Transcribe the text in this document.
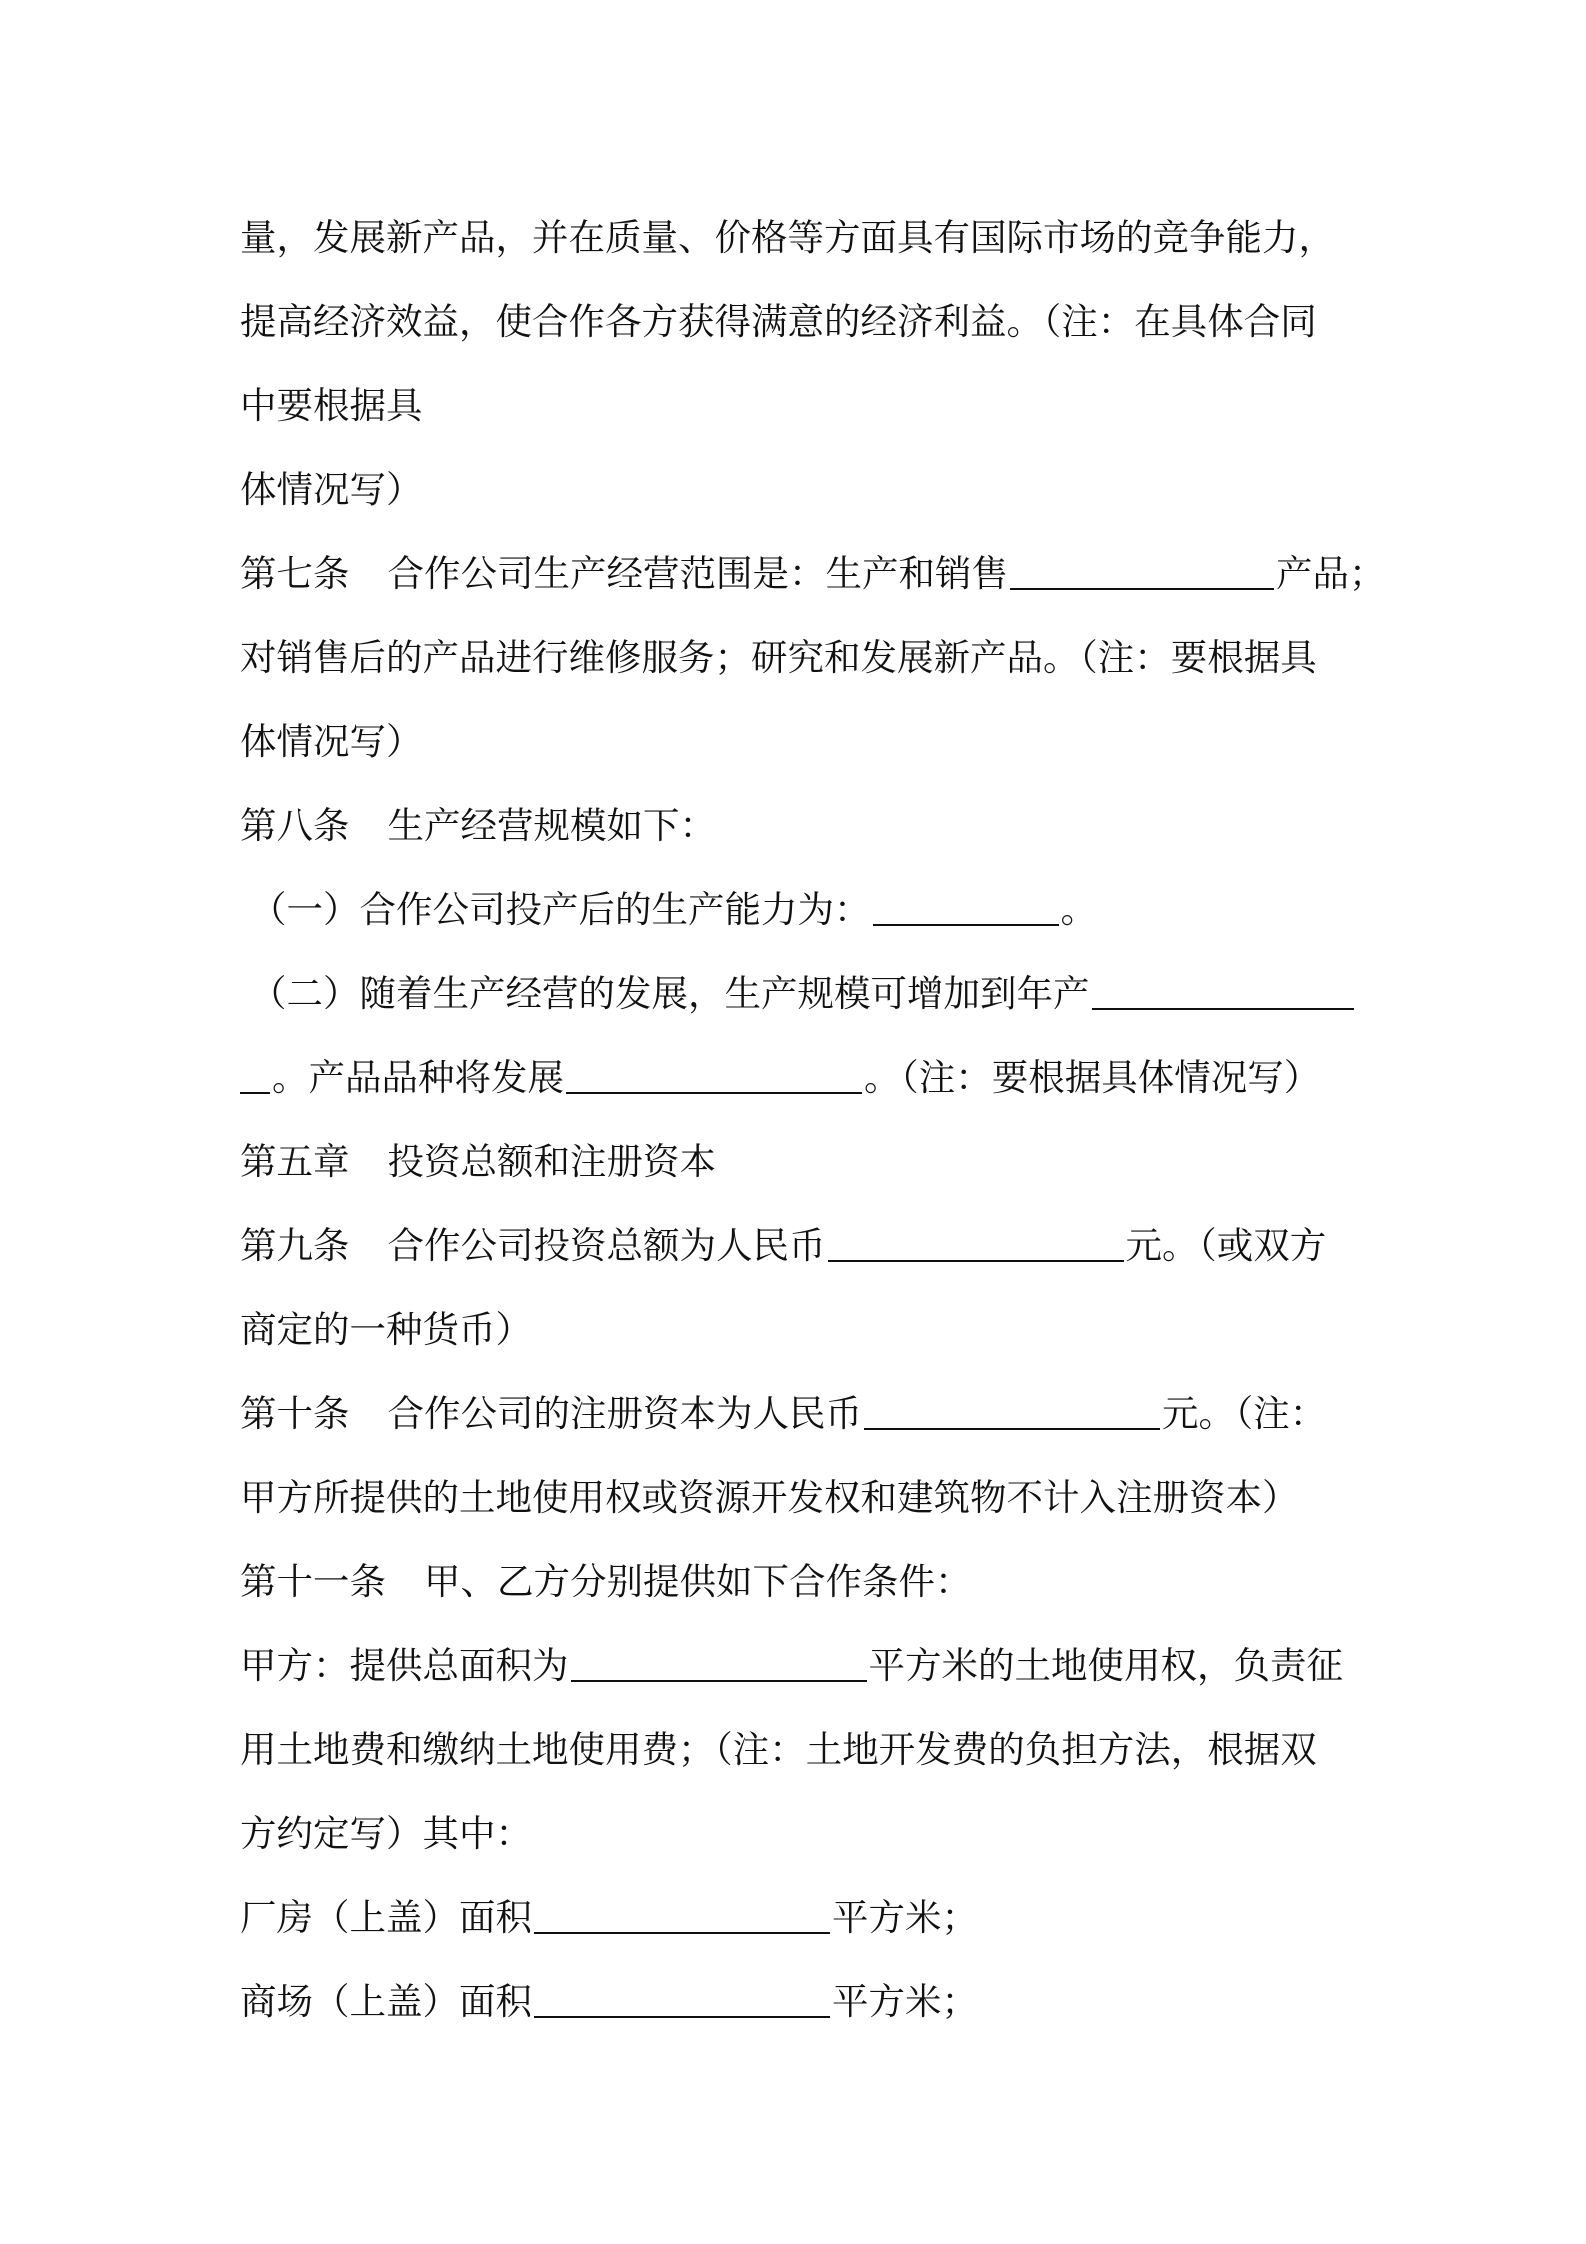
量，发展新产品，并在质量、价格等方面具有国际市场的竞争能力，
提高经济效益，使合作各方获得满意的经济利益。（注：在具体合同
中要根据具
体情况写）
第七条 合作公司生产经营范围是：生产和销售	产品；
对销售后的产品进行维修服务；研究和发展新产品。（注：要根据具
体情况写）
第八条 生产经营规模如下：
（一）合作公司投产后的生产能力为：	。
（二）随着生产经营的发展，生产规模可增加到年产
。产品品种将发展	。（注：要根据具体情况写）
第五章 投资总额和注册资本
第九条 合作公司投资总额为人民币	元。（或双方
商定的一种货币）
第十条 合作公司的注册资本为人民币	元。（注：
甲方所提供的土地使用权或资源开发权和建筑物不计入注册资本）
第十一条 甲、乙方分别提供如下合作条件：
甲方：提供总面积为	平方米的土地使用权，负责征
用土地费和缴纳土地使用费；（注：土地开发费的负担方法，根据双
方约定写）其中：
厂房（上盖）面积	平方米；
商场（上盖）面积	平方米；
